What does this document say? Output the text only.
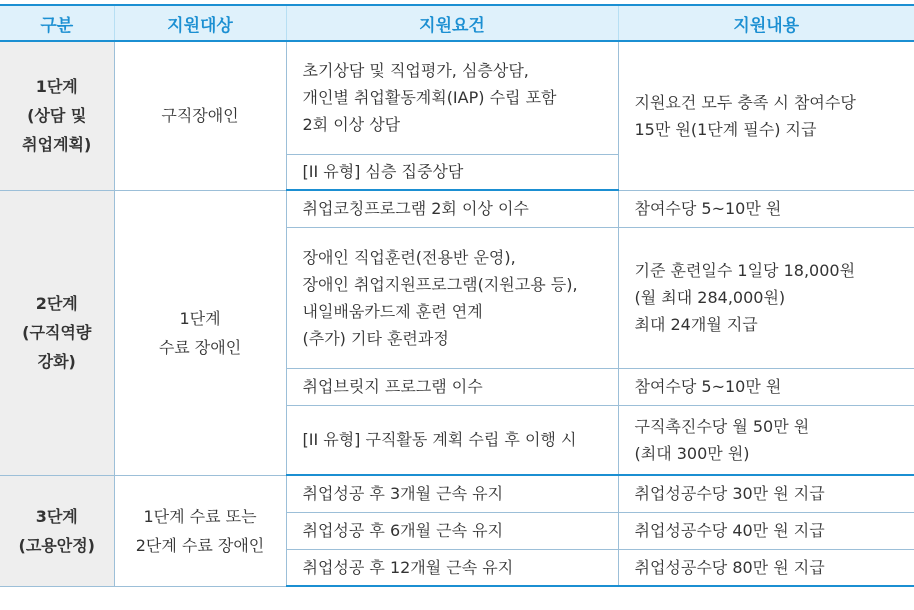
구분	지원대상	지원요건	지원내용

1단계
(상담 및
취업계획)	구직장애인	초기상담 및 직업평가, 심층상담,
개인별 취업활동계획(IAP) 수립 포함
2회 이상 상담	지원요건 모두 충족 시 참여수당
15만 원(1단계 필수) 지급

		[II 유형] 심층 집중상담	

2단계
(구직역량
강화)	1단계
수료 장애인	취업코칭프로그램 2회 이상 이수	참여수당 5~10만 원

		장애인 직업훈련(전용반 운영),
장애인 취업지원프로그램(지원고용 등),
내일배움카드제 훈련 연계
(추가) 기타 훈련과정	기준 훈련일수 1일당 18,000원
(월 최대 284,000원)
최대 24개월 지급

		취업브릿지 프로그램 이수	참여수당 5~10만 원
		[II 유형] 구직활동 계획 수립 후 이행 시	구직촉진수당 월 50만 원
(최대 300만 원)

3단계
(고용안정)	1단계 수료 또는
2단계 수료 장애인	취업성공 후 3개월 근속 유지	취업성공수당 30만 원 지급
		취업성공 후 6개월 근속 유지	취업성공수당 40만 원 지급
		취업성공 후 12개월 근속 유지	취업성공수당 80만 원 지급
